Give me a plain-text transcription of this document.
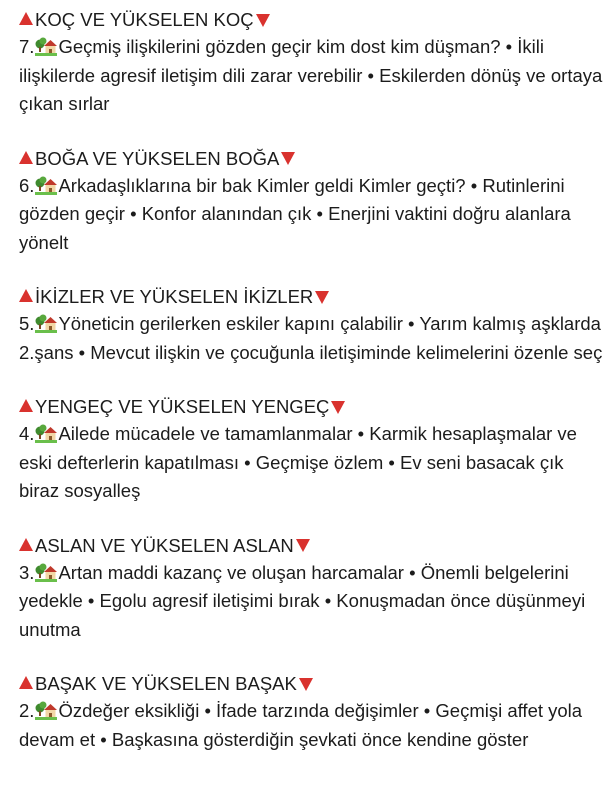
KOÇ VE YÜKSELEN KOÇ
7. Geçmiş ilişkilerini gözden geçir kim dost kim düşman? • İkili ilişkilerde agresif iletişim dili zarar verebilir • Eskilerden dönüş ve ortaya çıkan sırlar
BOĞA VE YÜKSELEN BOĞA
6. Arkadaşlıklarına bir bak Kimler geldi Kimler geçti? • Rutinlerini gözden geçir • Konfor alanından çık • Enerjini vaktini doğru alanlara yönelt
İKİZLER VE YÜKSELEN İKİZLER
5. Yöneticin gerilerken eskiler kapını çalabilir • Yarım kalmış aşklarda 2.şans • Mevcut ilişkin ve çocuğunla iletişiminde kelimelerini özenle seç
YENGEÇ VE YÜKSELEN YENGEÇ
4. Ailede mücadele ve tamamlanmalar • Karmik hesaplaşmalar ve eski defterlerin kapatılması • Geçmişe özlem • Ev seni basacak çık biraz sosyalleş
ASLAN VE YÜKSELEN ASLAN
3. Artan maddi kazanç ve oluşan harcamalar • Önemli belgelerini yedekle • Egolu agresif iletişimi bırak • Konuşmadan önce düşünmeyi unutma
BAŞAK VE YÜKSELEN BAŞAK
2. Özdeğer eksikliği • İfade tarzında değişimler • Geçmişi affet yola devam et • Başkasına gösterdiğin şevkati önce kendine göster
